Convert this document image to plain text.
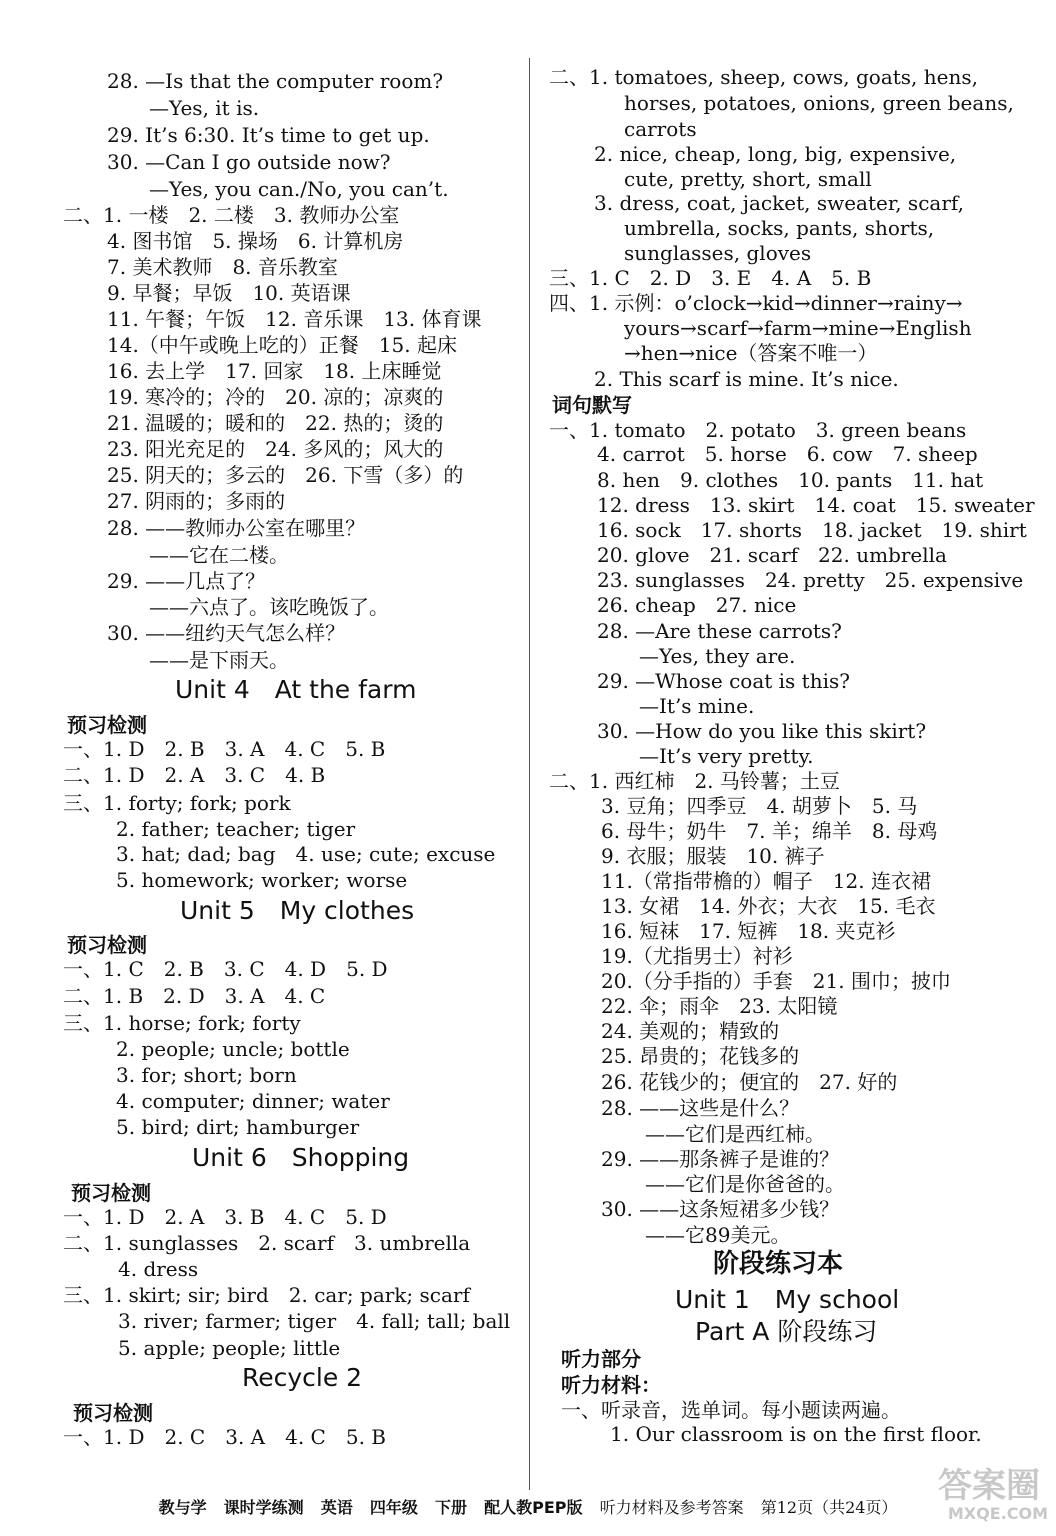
28. —Is that the computer room?
—Yes, it is.
29. It’s 6:30. It’s time to get up.
30. —Can I go outside now?
—Yes, you can./No, you can’t.
二、1. 一楼　2. 二楼　3. 教师办公室
4. 图书馆　5. 操场　6. 计算机房
7. 美术教师　8. 音乐教室
9. 早餐；早饭　10. 英语课
11. 午餐；午饭　12. 音乐课　13. 体育课
14.（中午或晚上吃的）正餐　15. 起床
16. 去上学　17. 回家　18. 上床睡觉
19. 寒冷的；冷的　20. 凉的；凉爽的
21. 温暖的；暖和的　22. 热的；烫的
23. 阳光充足的　24. 多风的；风大的
25. 阴天的；多云的　26. 下雪（多）的
27. 阴雨的；多雨的
28. ——教师办公室在哪里？
——它在二楼。
29. ——几点了？
——六点了。该吃晚饭了。
30. ——纽约天气怎么样？
——是下雨天。
Unit 4　At the farm
预习检测
一、1. D　2. B　3. A　4. C　5. B
二、1. D　2. A　3. C　4. B
三、1. forty; fork; pork
2. father; teacher; tiger
3. hat; dad; bag　4. use; cute; excuse
5. homework; worker; worse
Unit 5　My clothes
预习检测
一、1. C　2. B　3. C　4. D　5. D
二、1. B　2. D　3. A　4. C
三、1. horse; fork; forty
2. people; uncle; bottle
3. for; short; born
4. computer; dinner; water
5. bird; dirt; hamburger
Unit 6　Shopping
预习检测
一、1. D　2. A　3. B　4. C　5. D
二、1. sunglasses　2. scarf　3. umbrella
4. dress
三、1. skirt; sir; bird　2. car; park; scarf
3. river; farmer; tiger　4. fall; tall; ball
5. apple; people; little
Recycle 2
预习检测
一、1. D　2. C　3. A　4. C　5. B
二、1. tomatoes, sheep, cows, goats, hens,
horses, potatoes, onions, green beans,
carrots
2. nice, cheap, long, big, expensive,
cute, pretty, short, small
3. dress, coat, jacket, sweater, scarf,
umbrella, socks, pants, shorts,
sunglasses, gloves
三、1. C　2. D　3. E　4. A　5. B
四、1. 示例：o’clock→kid→dinner→rainy→
yours→scarf→farm→mine→English
→hen→nice（答案不唯一）
2. This scarf is mine. It’s nice.
词句默写
一、1. tomato　2. potato　3. green beans
4. carrot　5. horse　6. cow　7. sheep
8. hen　9. clothes　10. pants　11. hat
12. dress　13. skirt　14. coat　15. sweater
16. sock　17. shorts　18. jacket　19. shirt
20. glove　21. scarf　22. umbrella
23. sunglasses　24. pretty　25. expensive
26. cheap　27. nice
28. —Are these carrots?
—Yes, they are.
29. —Whose coat is this?
—It’s mine.
30. —How do you like this skirt?
—It’s very pretty.
二、1. 西红柿　2. 马铃薯；土豆
3. 豆角；四季豆　4. 胡萝卜　5. 马
6. 母牛；奶牛　7. 羊；绵羊　8. 母鸡
9. 衣服；服装　10. 裤子
11.（常指带檐的）帽子　12. 连衣裙
13. 女裙　14. 外衣；大衣　15. 毛衣
16. 短袜　17. 短裤　18. 夹克衫
19.（尤指男士）衬衫
20.（分手指的）手套　21. 围巾；披巾
22. 伞；雨伞　23. 太阳镜
24. 美观的；精致的
25. 昂贵的；花钱多的
26. 花钱少的；便宜的　27. 好的
28. ——这些是什么？
——它们是西红柿。
29. ——那条裤子是谁的？
——它们是你爸爸的。
30. ——这条短裙多少钱？
——它89美元。
阶段练习本
Unit 1　My school
Part A 阶段练习
听力部分
听力材料：
一、听录音，选单词。每小题读两遍。
1. Our classroom is on the first floor.
教与学 课时学练测 英语 四年级 下册 配人教PEP版 听力材料及参考答案 第12页（共24页）
答案圈
MXQE.COM
